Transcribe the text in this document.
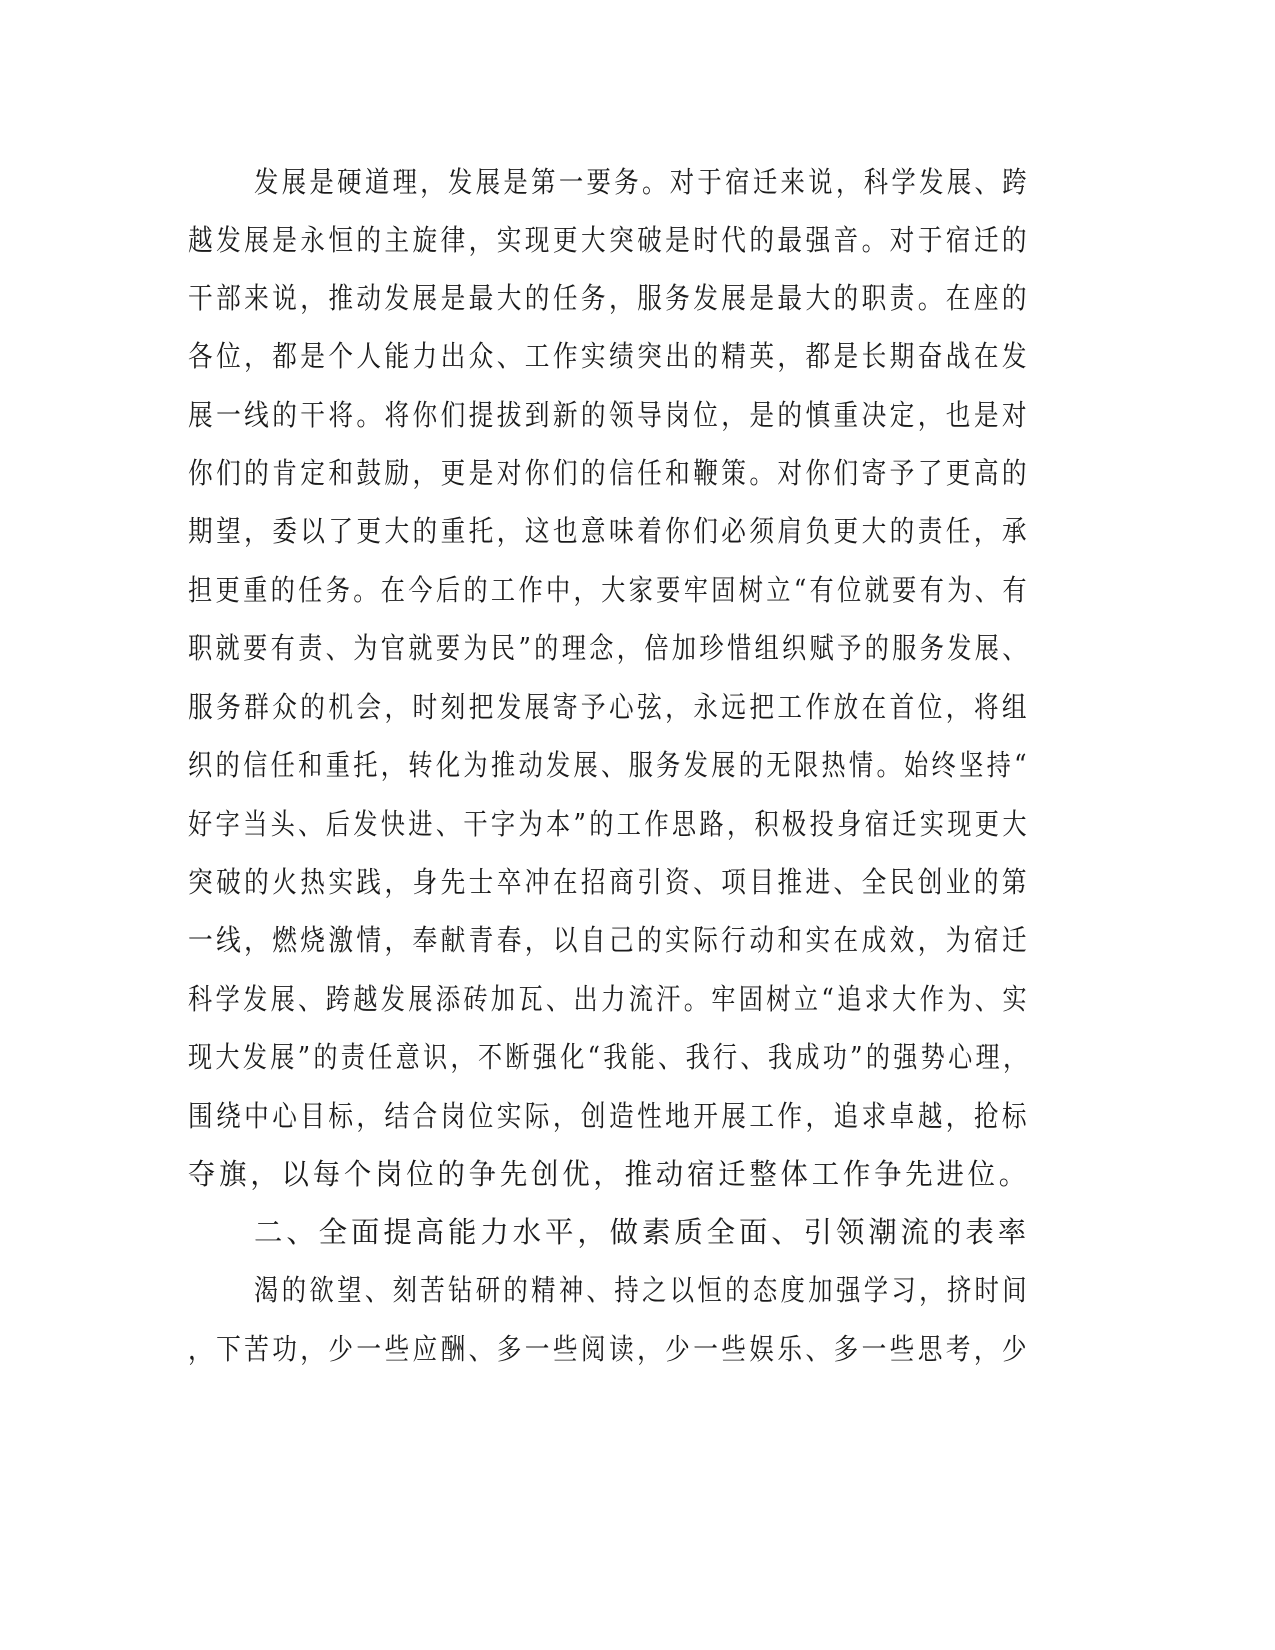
发展是硬道理，发展是第一要务。对于宿迁来说，科学发展、跨
越发展是永恒的主旋律，实现更大突破是时代的最强音。对于宿迁的
干部来说，推动发展是最大的任务，服务发展是最大的职责。在座的
各位，都是个人能力出众、工作实绩突出的精英，都是长期奋战在发
展一线的干将。将你们提拔到新的领导岗位，是的慎重决定，也是对
你们的肯定和鼓励，更是对你们的信任和鞭策。对你们寄予了更高的
期望，委以了更大的重托，这也意味着你们必须肩负更大的责任，承
担更重的任务。在今后的工作中，大家要牢固树立“有位就要有为、有
职就要有责、为官就要为民”的理念，倍加珍惜组织赋予的服务发展、
服务群众的机会，时刻把发展寄予心弦，永远把工作放在首位，将组
织的信任和重托，转化为推动发展、服务发展的无限热情。始终坚持“
好字当头、后发快进、干字为本”的工作思路，积极投身宿迁实现更大
突破的火热实践，身先士卒冲在招商引资、项目推进、全民创业的第
一线，燃烧激情，奉献青春，以自己的实际行动和实在成效，为宿迁
科学发展、跨越发展添砖加瓦、出力流汗。牢固树立“追求大作为、实
现大发展”的责任意识，不断强化“我能、我行、我成功”的强势心理，
围绕中心目标，结合岗位实际，创造性地开展工作，追求卓越，抢标
夺旗，以每个岗位的争先创优，推动宿迁整体工作争先进位。
二、全面提高能力水平，做素质全面、引领潮流的表率
渴的欲望、刻苦钻研的精神、持之以恒的态度加强学习，挤时间
，下苦功，少一些应酬、多一些阅读，少一些娱乐、多一些思考，少
